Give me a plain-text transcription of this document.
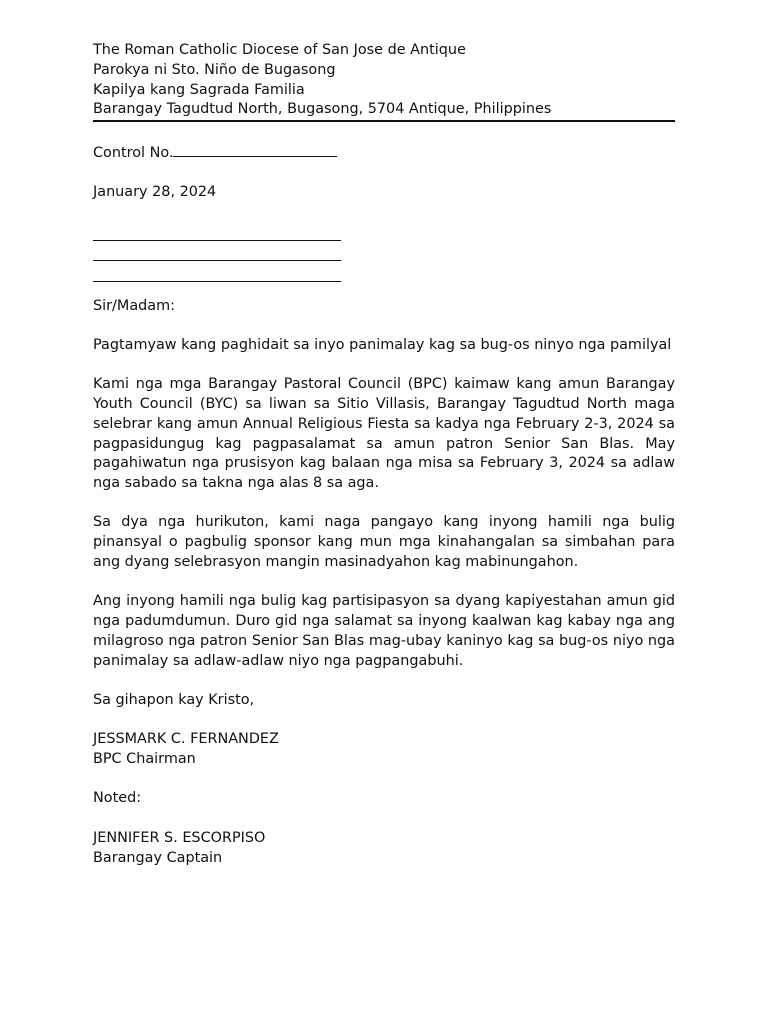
The Roman Catholic Diocese of San Jose de Antique
Parokya ni Sto. Niño de Bugasong
Kapilya kang Sagrada Familia
Barangay Tagudtud North, Bugasong, 5704 Antique, Philippines
Control No.
January 28, 2024
Sir/Madam:

Pagtamyaw kang paghidait sa inyo panimalay kag sa bug-os ninyo nga pamilyal

Kami nga mga Barangay Pastoral Council (BPC) kaimaw kang amun Barangay Youth Council (BYC) sa liwan sa Sitio Villasis, Barangay Tagudtud North maga selebrar kang amun Annual Religious Fiesta sa kadya nga February 2-3, 2024 sa pagpasidungug kag pagpasalamat sa amun patron Senior San Blas. May pagahiwatun nga prusisyon kag balaan nga misa sa February 3, 2024 sa adlaw nga sabado sa takna nga alas 8 sa aga.

Sa dya nga hurikuton, kami naga pangayo kang inyong hamili nga bulig pinansyal o pagbulig sponsor kang mun mga kinahangalan sa simbahan para ang dyang selebrasyon mangin masinadyahon kag mabinungahon.

Ang inyong hamili nga bulig kag partisipasyon sa dyang kapiyestahan amun gid nga padumdumun. Duro gid nga salamat sa inyong kaalwan kag kabay nga ang milagroso nga patron Senior San Blas mag-ubay kaninyo kag sa bug-os niyo nga panimalay sa adlaw-adlaw niyo nga pagpangabuhi.

Sa gihapon kay Kristo,
JESSMARK C. FERNANDEZ
BPC Chairman
Noted:
JENNIFER S. ESCORPISO
Barangay Captain
